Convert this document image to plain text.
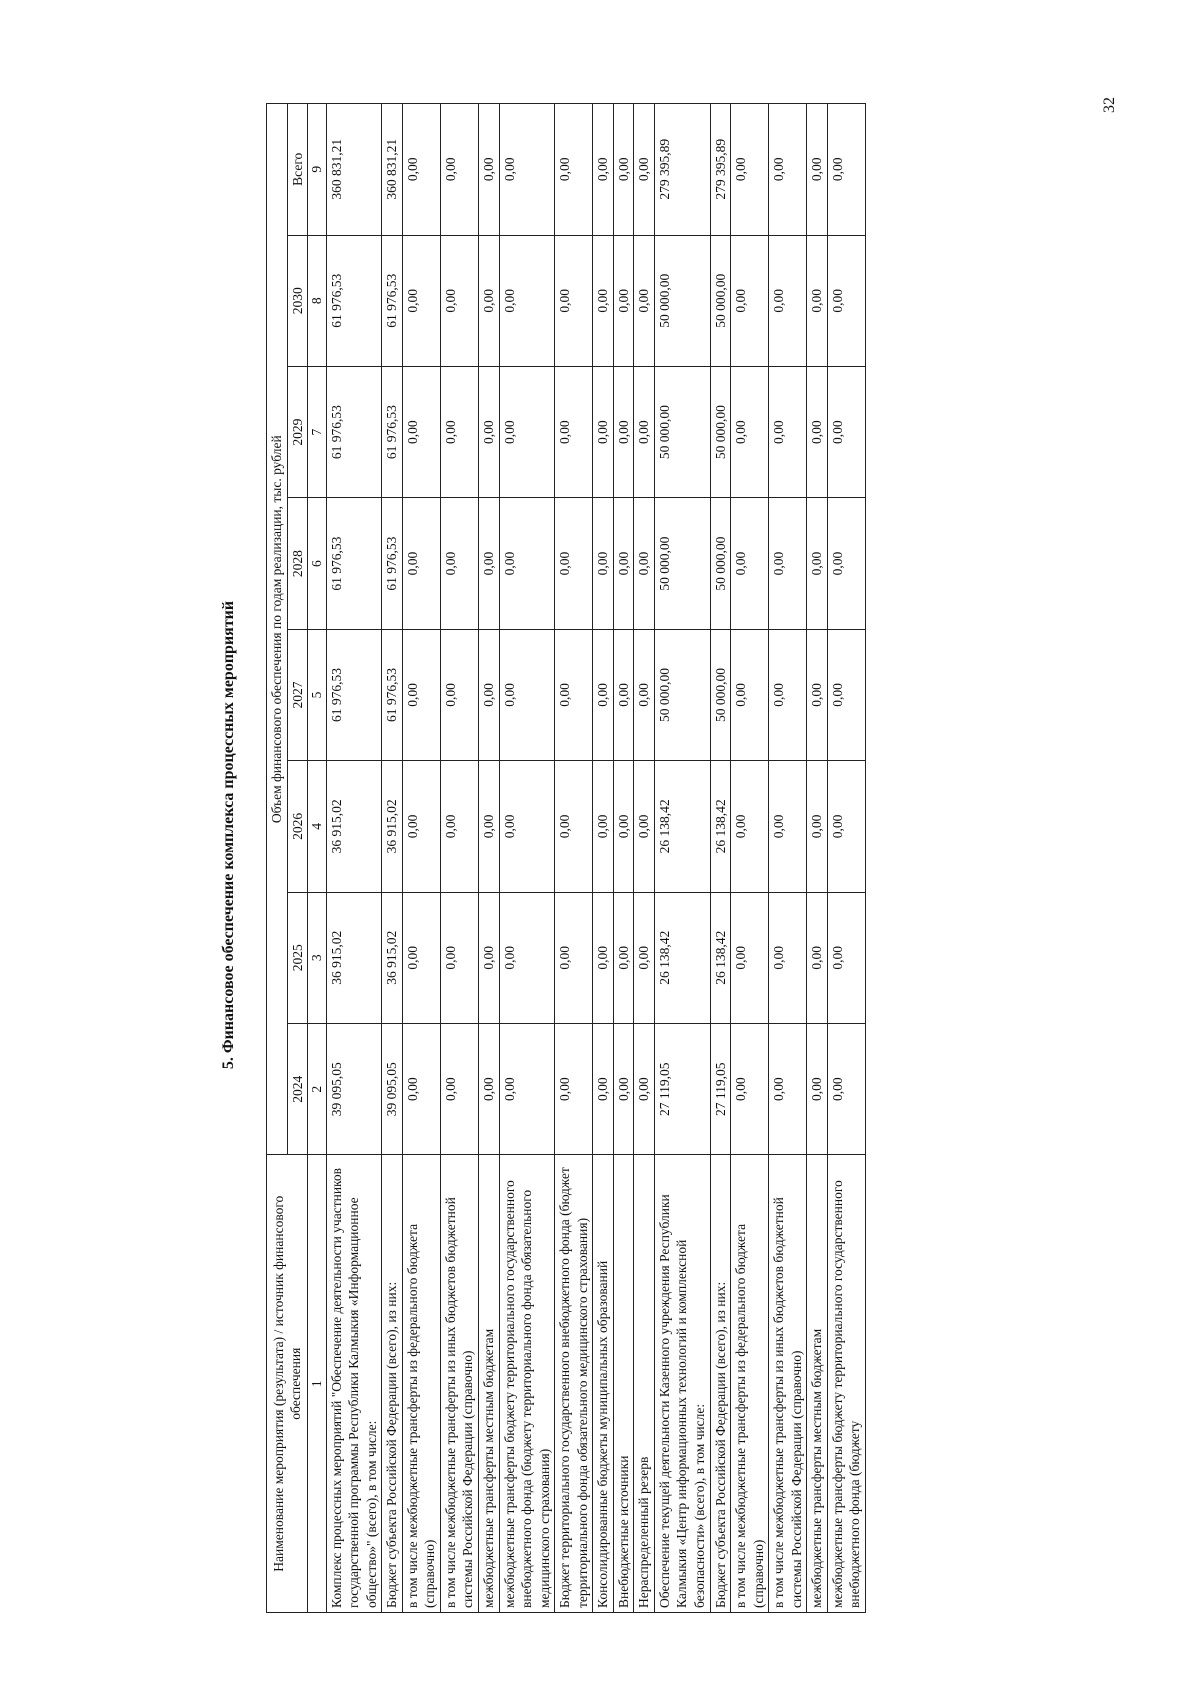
5. Финансовое обеспечение комплекса процессных мероприятий
32
Наименование мероприятия (результата) / источник финансового обеспечения	Объем финансового обеспечения по годам реализации, тыс. рублей							
	2024	2025	2026	2027	2028	2029	2030	Всего
1	2	3	4	5	6	7	8	9
Комплекс процессных мероприятий "Обеспечение деятельности участников государственной программы Республики Калмыкия «Информационное общество»" (всего), в том числе:	39 095,05	36 915,02	36 915,02	61 976,53	61 976,53	61 976,53	61 976,53	360 831,21
Бюджет субъекта Российской Федерации (всего), из них:	39 095,05	36 915,02	36 915,02	61 976,53	61 976,53	61 976,53	61 976,53	360 831,21
в том числе межбюджетные трансферты из федерального бюджета (справочно)	0,00	0,00	0,00	0,00	0,00	0,00	0,00	0,00
в том числе межбюджетные трансферты из иных бюджетов бюджетной системы Российской Федерации (справочно)	0,00	0,00	0,00	0,00	0,00	0,00	0,00	0,00
межбюджетные трансферты местным бюджетам	0,00	0,00	0,00	0,00	0,00	0,00	0,00	0,00
межбюджетные трансферты бюджету территориального государственного внебюджетного фонда (бюджету территориального фонда обязательного медицинского страхования)	0,00	0,00	0,00	0,00	0,00	0,00	0,00	0,00
Бюджет территориального государственного внебюджетного фонда (бюджет территориального фонда обязательного медицинского страхования)	0,00	0,00	0,00	0,00	0,00	0,00	0,00	0,00
Консолидированные бюджеты муниципальных образований	0,00	0,00	0,00	0,00	0,00	0,00	0,00	0,00
Внебюджетные источники	0,00	0,00	0,00	0,00	0,00	0,00	0,00	0,00
Нераспределенный резерв	0,00	0,00	0,00	0,00	0,00	0,00	0,00	0,00
Обеспечение текущей деятельности Казенного учреждения Республики Калмыкия «Центр информационных технологий и комплексной безопасности» (всего), в том числе:	27 119,05	26 138,42	26 138,42	50 000,00	50 000,00	50 000,00	50 000,00	279 395,89
Бюджет субъекта Российской Федерации (всего), из них:	27 119,05	26 138,42	26 138,42	50 000,00	50 000,00	50 000,00	50 000,00	279 395,89
в том числе межбюджетные трансферты из федерального бюджета (справочно)	0,00	0,00	0,00	0,00	0,00	0,00	0,00	0,00
в том числе межбюджетные трансферты из иных бюджетов бюджетной системы Российской Федерации (справочно)	0,00	0,00	0,00	0,00	0,00	0,00	0,00	0,00
межбюджетные трансферты местным бюджетам	0,00	0,00	0,00	0,00	0,00	0,00	0,00	0,00
межбюджетные трансферты бюджету территориального государственного внебюджетного фонда (бюджету	0,00	0,00	0,00	0,00	0,00	0,00	0,00	0,00
